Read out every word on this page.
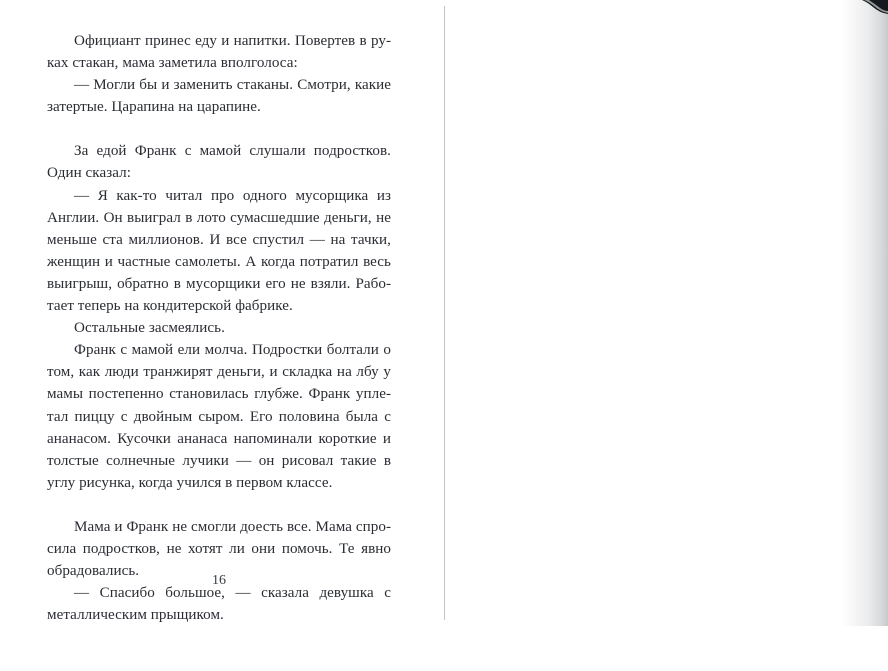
Официант принес еду и напитки. Повертев в руках стакан, мама заметила вполголоса:

— Могли бы и заменить стаканы. Смотри, какие затертые. Царапина на царапине.

За едой Франк с мамой слушали подростков. Один сказал:

— Я как-то читал про одного мусорщика из Англии. Он выиграл в лото сумасшедшие деньги, не меньше ста миллионов. И все спустил — на тачки, женщин и частные самолеты. А когда потратил весь выигрыш, обратно в мусорщики его не взяли. Работает теперь на кондитерской фабрике.

Остальные засмеялись.

Франк с мамой ели молча. Подростки болтали о том, как люди транжирят деньги, и складка на лбу у мамы постепенно становилась глубже. Франк уплетал пиццу с двойным сыром. Его половина была с ананасом. Кусочки ананаса напоминали короткие и толстые солнечные лучики — он рисовал такие в углу рисунка, когда учился в первом классе.

Мама и Франк не смогли доесть все. Мама спросила подростков, не хотят ли они помочь. Те явно обрадовались.

— Спасибо большое, — сказала девушка с металлическим прыщиком.

16
